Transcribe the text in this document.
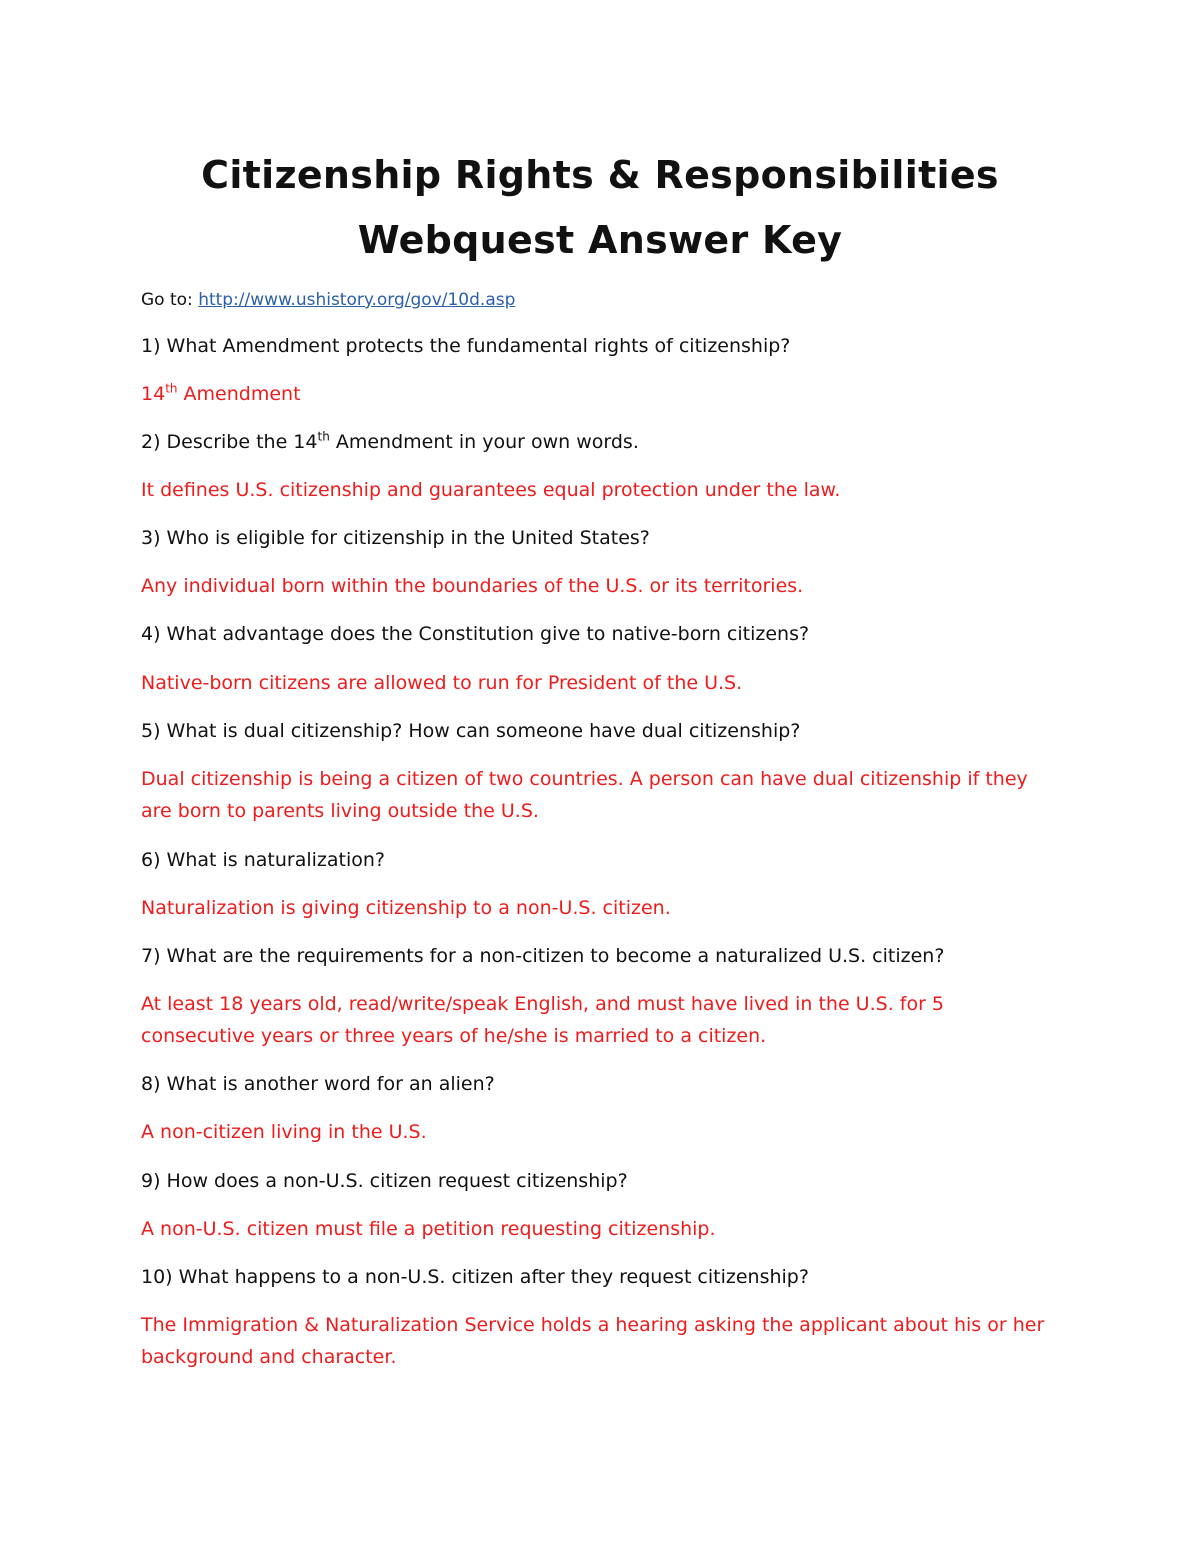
Citizenship Rights & Responsibilities
Webquest Answer Key
Go to: http://www.ushistory.org/gov/10d.asp
1) What Amendment protects the fundamental rights of citizenship?
14th Amendment
2) Describe the 14th Amendment in your own words.
It defines U.S. citizenship and guarantees equal protection under the law.
3) Who is eligible for citizenship in the United States?
Any individual born within the boundaries of the U.S. or its territories.
4) What advantage does the Constitution give to native-born citizens?
Native-born citizens are allowed to run for President of the U.S.
5) What is dual citizenship? How can someone have dual citizenship?
Dual citizenship is being a citizen of two countries. A person can have dual citizenship if they are born to parents living outside the U.S.
6) What is naturalization?
Naturalization is giving citizenship to a non-U.S. citizen.
7) What are the requirements for a non-citizen to become a naturalized U.S. citizen?
At least 18 years old, read/write/speak English, and must have lived in the U.S. for 5 consecutive years or three years of he/she is married to a citizen.
8) What is another word for an alien?
A non-citizen living in the U.S.
9) How does a non-U.S. citizen request citizenship?
A non-U.S. citizen must file a petition requesting citizenship.
10) What happens to a non-U.S. citizen after they request citizenship?
The Immigration & Naturalization Service holds a hearing asking the applicant about his or her background and character.
